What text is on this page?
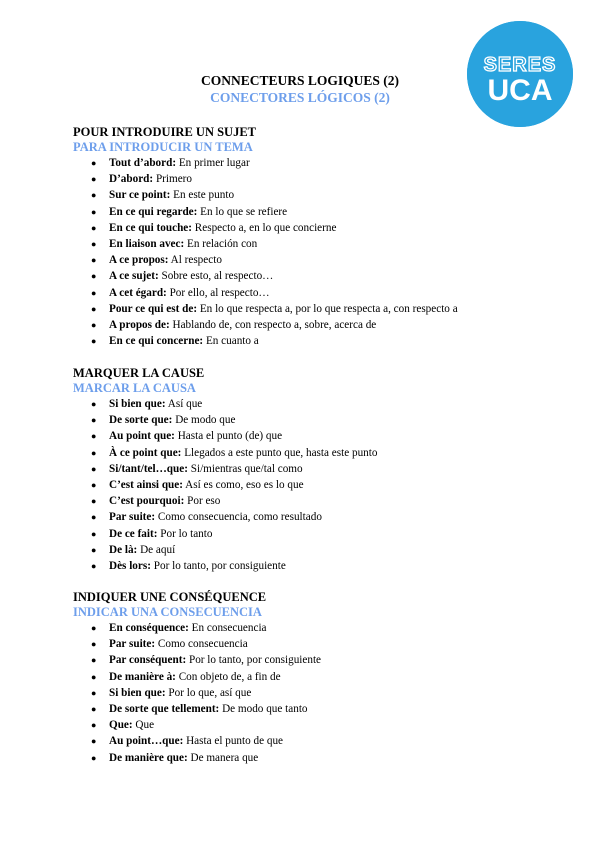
SERES
UCA
CONNECTEURS LOGIQUES (2)
CONECTORES LÓGICOS (2)
POUR INTRODUIRE UN SUJET
PARA INTRODUCIR UN TEMA
● Tout d’abord: En primer lugar
● D’abord: Primero
● Sur ce point: En este punto
● En ce qui regarde: En lo que se refiere
● En ce qui touche: Respecto a, en lo que concierne
● En liaison avec: En relación con
● A ce propos: Al respecto
● A ce sujet: Sobre esto, al respecto…
● A cet égard: Por ello, al respecto…
● Pour ce qui est de: En lo que respecta a, por lo que respecta a, con respecto a
● A propos de: Hablando de, con respecto a, sobre, acerca de
● En ce qui concerne: En cuanto a
MARQUER LA CAUSE
MARCAR LA CAUSA
● Si bien que: Así que
● De sorte que: De modo que
● Au point que: Hasta el punto (de) que
● À ce point que: Llegados a este punto que, hasta este punto
● Si/tant/tel…que: Si/mientras que/tal como
● C’est ainsi que: Así es como, eso es lo que
● C’est pourquoi: Por eso
● Par suite: Como consecuencia, como resultado
● De ce fait: Por lo tanto
● De là: De aquí
● Dès lors: Por lo tanto, por consiguiente
INDIQUER UNE CONSÉQUENCE
INDICAR UNA CONSECUENCIA
● En conséquence: En consecuencia
● Par suite: Como consecuencia
● Par conséquent: Por lo tanto, por consiguiente
● De manière à: Con objeto de, a fin de
● Si bien que: Por lo que, así que
● De sorte que tellement: De modo que tanto
● Que: Que
● Au point…que: Hasta el punto de que
● De manière que: De manera que
